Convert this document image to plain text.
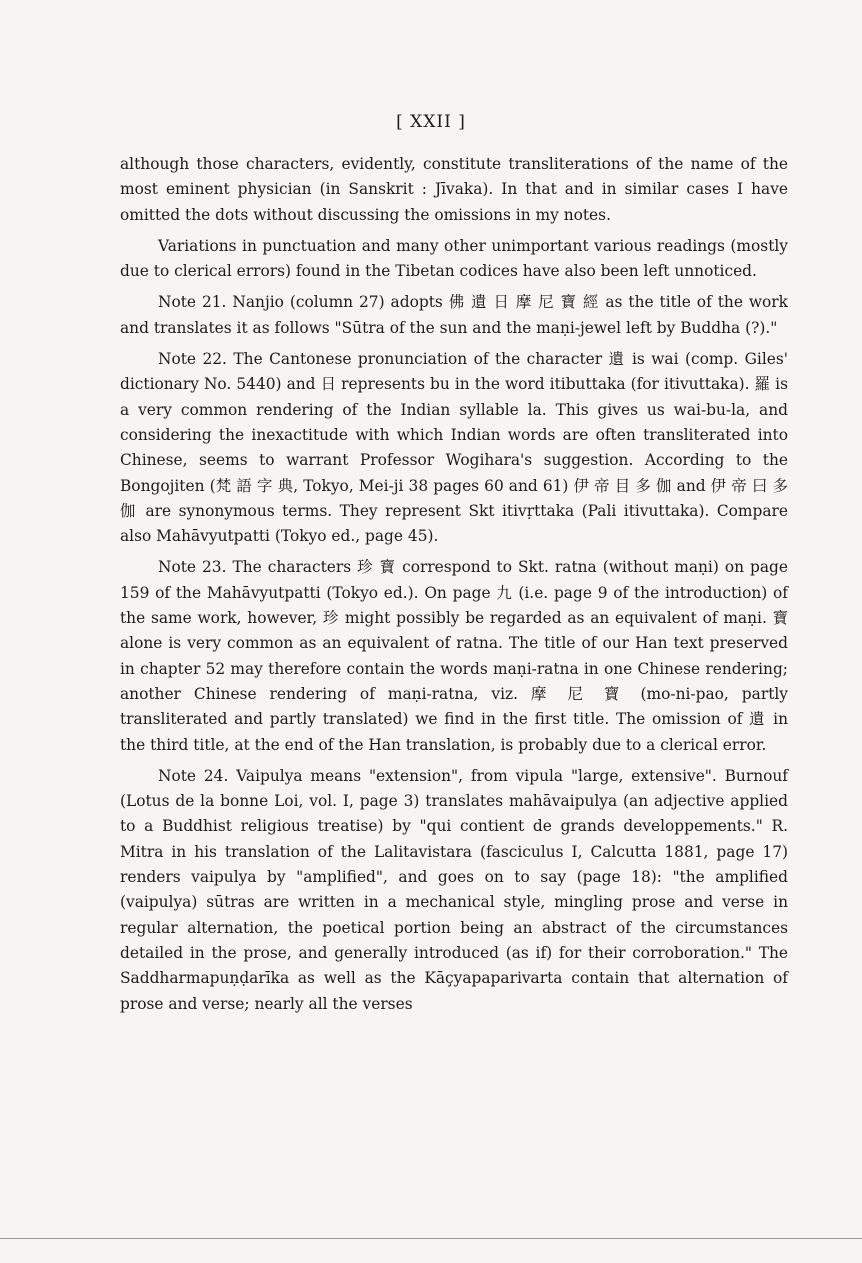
[ XXII ]

although those characters, evidently, constitute transliterations of the name of the most eminent physician (in Sanskrit : Jīvaka). In that and in similar cases I have omitted the dots without discussing the omissions in my notes.

Variations in punctuation and many other unimportant various readings (mostly due to clerical errors) found in the Tibetan codices have also been left unnoticed.

Note 21. Nanjio (column 27) adopts 佛 遺 日 摩 尼 寶 經 as the title of the work and translates it as follows "Sūtra of the sun and the maṇi-jewel left by Buddha (?)."

Note 22. The Cantonese pronunciation of the character 遺 is wai (comp. Giles' dictionary No. 5440) and 日 represents bu in the word itibuttaka (for itivuttaka). 羅 is a very common rendering of the Indian syllable la. This gives us wai-bu-la, and considering the inexactitude with which Indian words are often transliterated into Chinese, seems to warrant Professor Wogihara's suggestion. According to the Bongojiten (梵 語 字 典, Tokyo, Mei-ji 38 pages 60 and 61) 伊 帝 目 多 伽 and 伊 帝 曰 多 伽 are synonymous terms. They represent Skt itivṛttaka (Pali itivuttaka). Compare also Mahāvyutpatti (Tokyo ed., page 45).

Note 23. The characters 珍 寶 correspond to Skt. ratna (without maṇi) on page 159 of the Mahāvyutpatti (Tokyo ed.). On page 九 (i.e. page 9 of the introduction) of the same work, however, 珍 might possibly be regarded as an equivalent of maṇi. 寶 alone is very common as an equivalent of ratna. The title of our Han text preserved in chapter 52 may therefore contain the words maṇi-ratna in one Chinese rendering; another Chinese rendering of maṇi-ratna, viz. 摩 尼 寶 (mo-ni-pao, partly transliterated and partly translated) we find in the first title. The omission of 遺 in the third title, at the end of the Han translation, is probably due to a clerical error.

Note 24. Vaipulya means "extension", from vipula "large, extensive". Burnouf (Lotus de la bonne Loi, vol. I, page 3) translates mahāvaipulya (an adjective applied to a Buddhist religious treatise) by "qui contient de grands developpements." R. Mitra in his translation of the Lalitavistara (fasciculus I, Calcutta 1881, page 17) renders vaipulya by "amplified", and goes on to say (page 18): "the amplified (vaipulya) sūtras are written in a mechanical style, mingling prose and verse in regular alternation, the poetical portion being an abstract of the circumstances detailed in the prose, and generally introduced (as if) for their corroboration." The Saddharmapuṇḍarīka as well as the Kāçyapaparivarta contain that alternation of prose and verse; nearly all the verses
